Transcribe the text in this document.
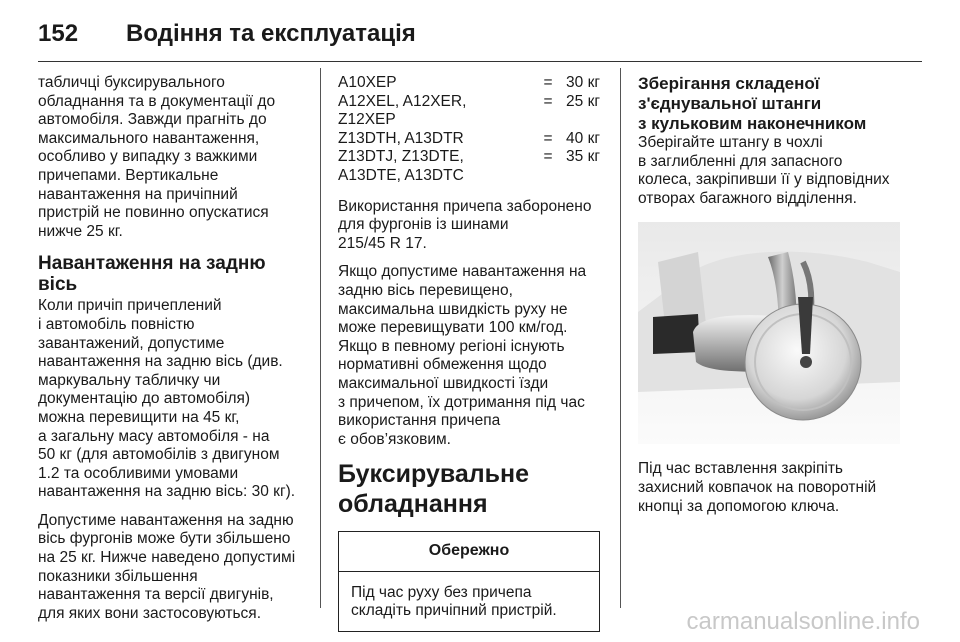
152 Водіння та експлуатація

табличці буксирувального
обладнання та в документації до
автомобіля. Завжди прагніть до
максимального навантаження,
особливо у випадку з важкими
причепами. Вертикальне
навантаження на причіпний
пристрій не повинно опускатися
нижче 25 кг.

Навантаження на задню вісь

Коли причіп причеплений
і автомобіль повністю
завантажений, допустиме
навантаження на задню вісь (див.
маркувальну табличку чи
документацію до автомобіля)
можна перевищити на 45 кг,
а загальну масу автомобіля - на
50 кг (для автомобілів з двигуном
1.2 та особливими умовами
навантаження на задню вісь: 30 кг).

Допустиме навантаження на задню
вісь фургонів може бути збільшено
на 25 кг. Нижче наведено допустимі
показники збільшення
навантаження та версії двигунів,
для яких вони застосовуються.

A10XEP	=	30 кг

A12XEL, A12XER,
Z12XEP	=	25 кг

Z13DTH, A13DTR	=	40 кг

Z13DTJ, Z13DTE,
A13DTE, A13DTC	=	35 кг

Використання причепа заборонено
для фургонів із шинами
215/45 R 17.

Якщо допустиме навантаження на
задню вісь перевищено,
максимальна швидкість руху не
може перевищувати 100 км/год.
Якщо в певному регіоні існують
нормативні обмеження щодо
максимальної швидкості їзди
з причепом, їх дотримання під час
використання причепа
є обов’язковим.

Буксирувальне
обладнання
Обережно
Під час руху без причепа
складіть причіпний пристрій.
Зберігання складеної
з'єднувальної штанги
з кульковим наконечником

Зберігайте штангу в чохлі
в заглибленні для запасного
колеса, закріпивши її у відповідних
отворах багажного відділення.

Під час вставлення закріпіть
захисний ковпачок на поворотній
кнопці за допомогою ключа.

carmanualsonline.info
